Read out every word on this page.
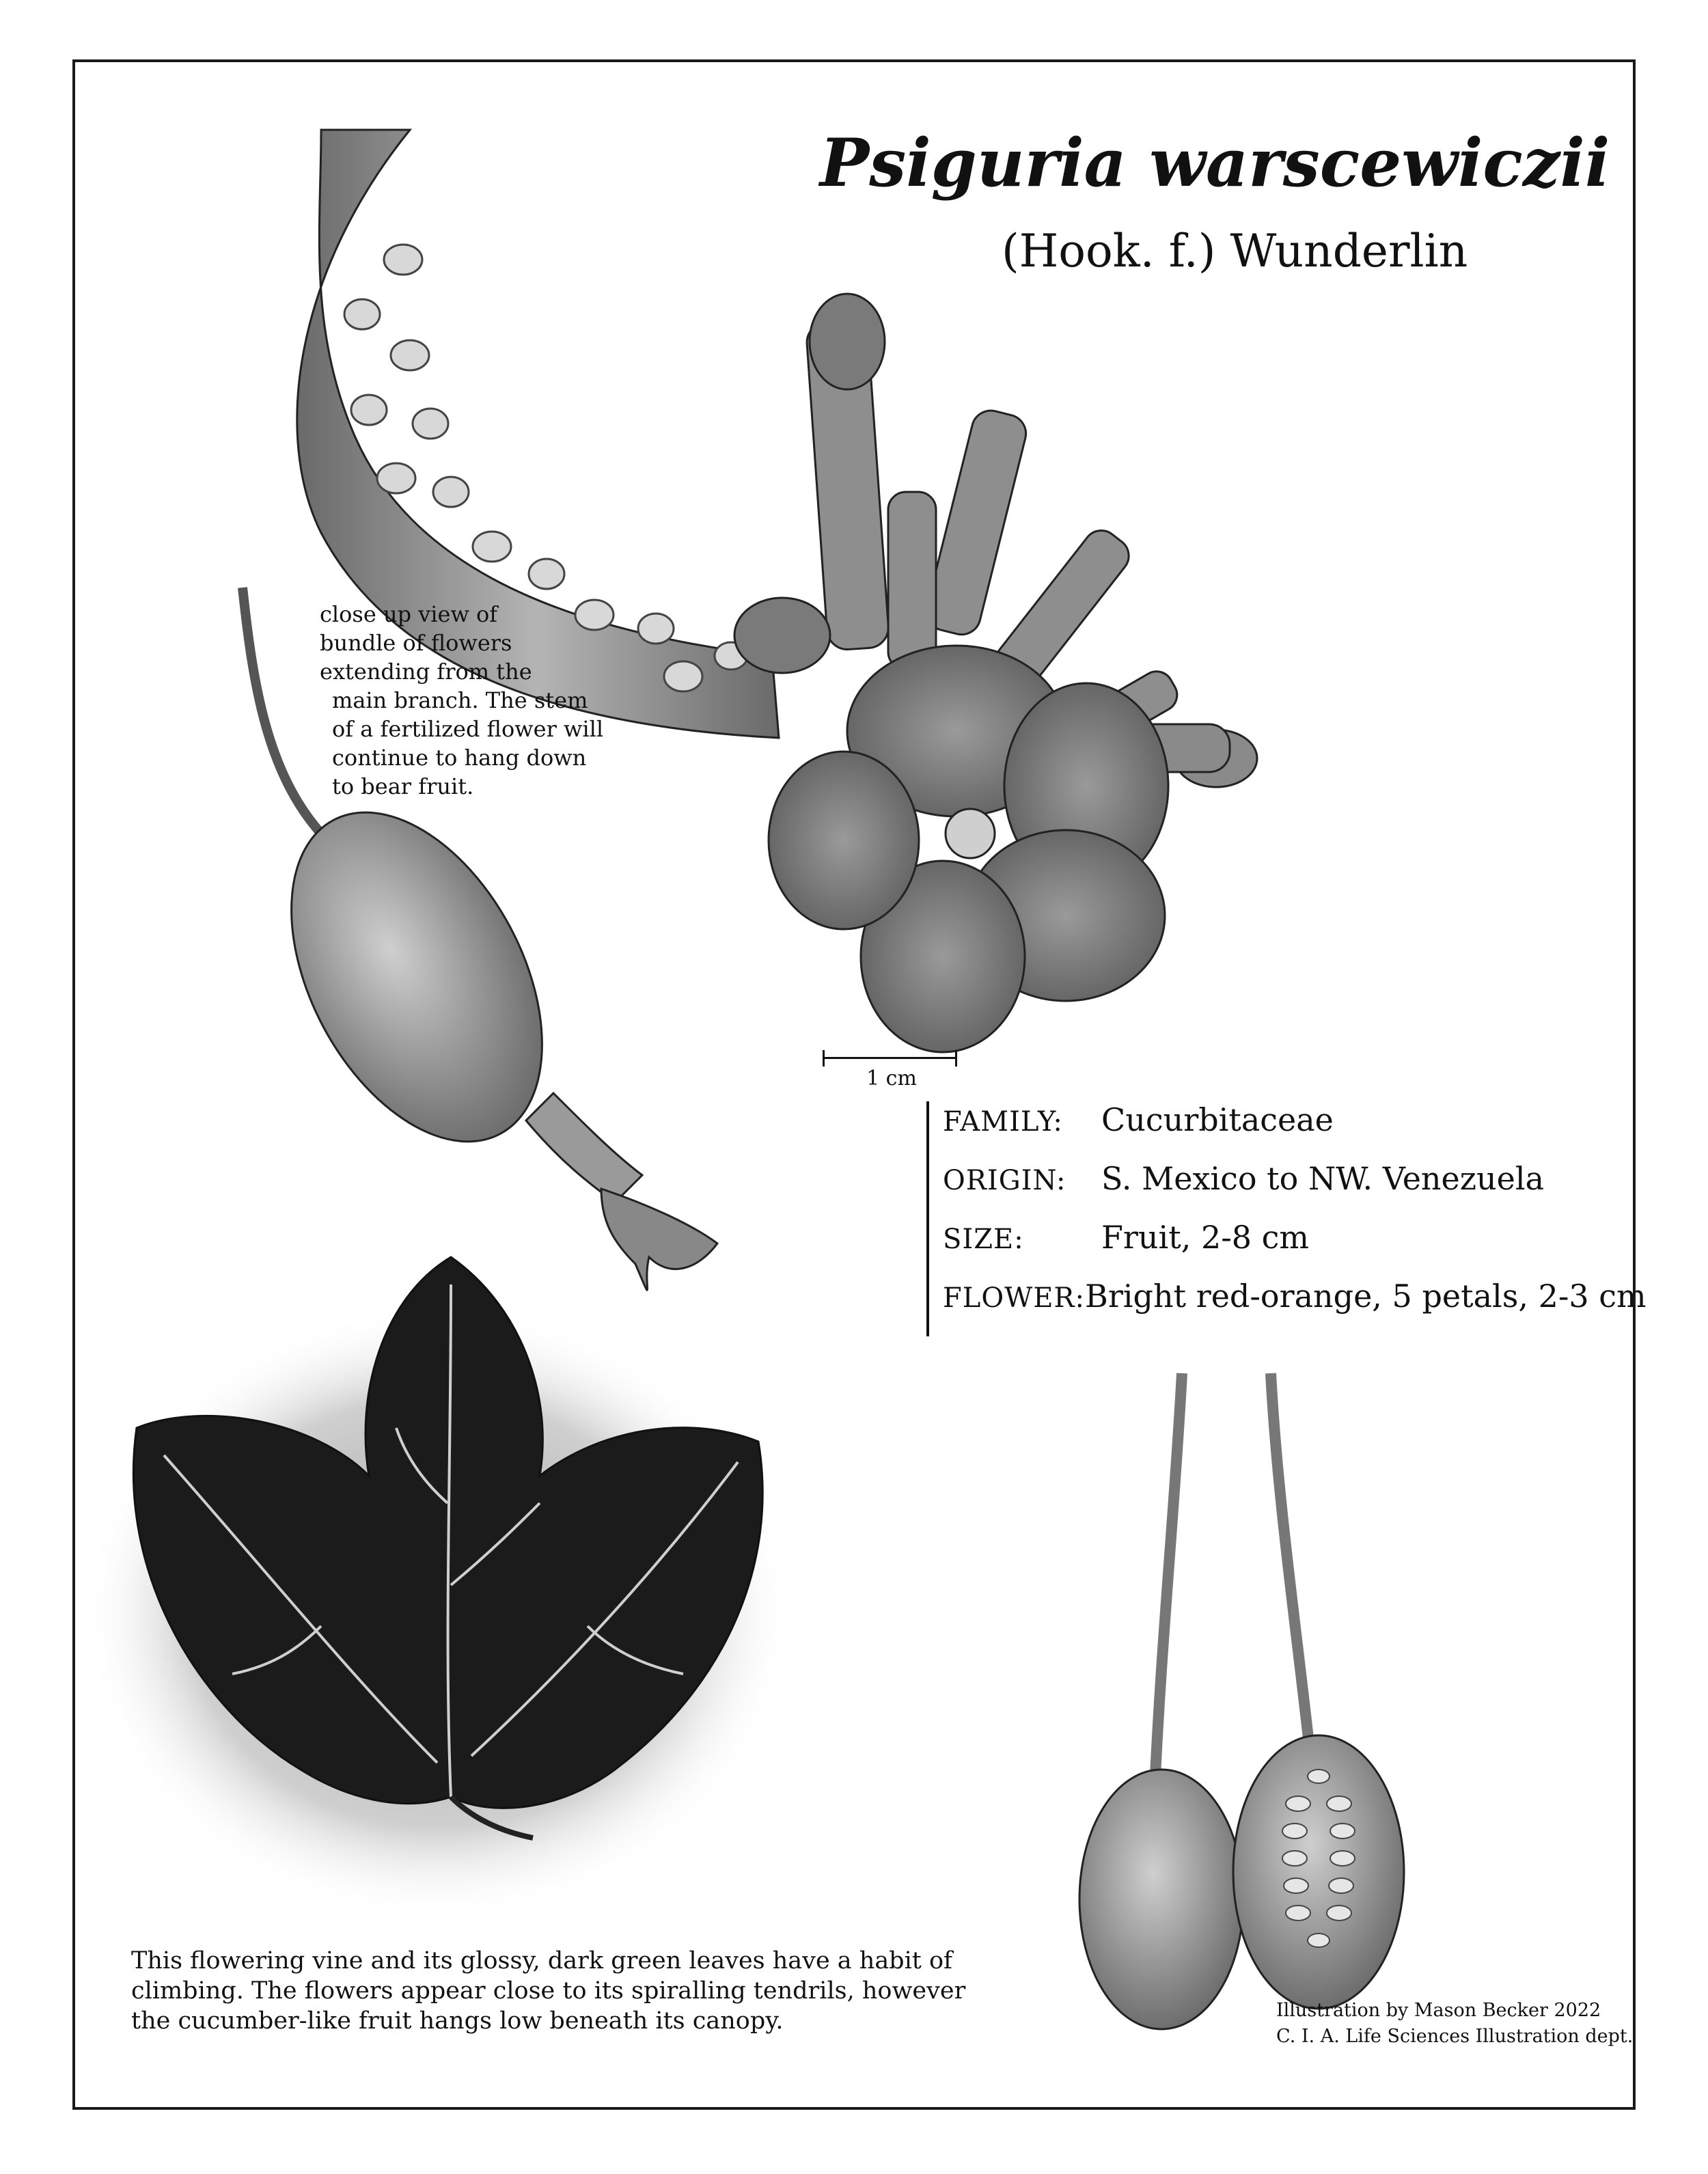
Psiguria warscewiczii
(Hook. f.) Wunderlin
close up view of
bundle of flowers
extending from the
main branch. The stem
of a fertilized flower will
continue to hang down
to bear fruit.
1 cm
FAMILY:	Cucurbitaceae
ORIGIN:	S. Mexico to NW. Venezuela
SIZE:	Fruit, 2-8 cm
FLOWER: Bright red-orange, 5 petals, 2-3 cm
This flowering vine and its glossy, dark green leaves have a habit of
climbing. The flowers appear close to its spiralling tendrils, however
the cucumber-like fruit hangs low beneath its canopy.	Illustration by Mason Becker 2022
C. I. A. Life Sciences Illustration dept.
